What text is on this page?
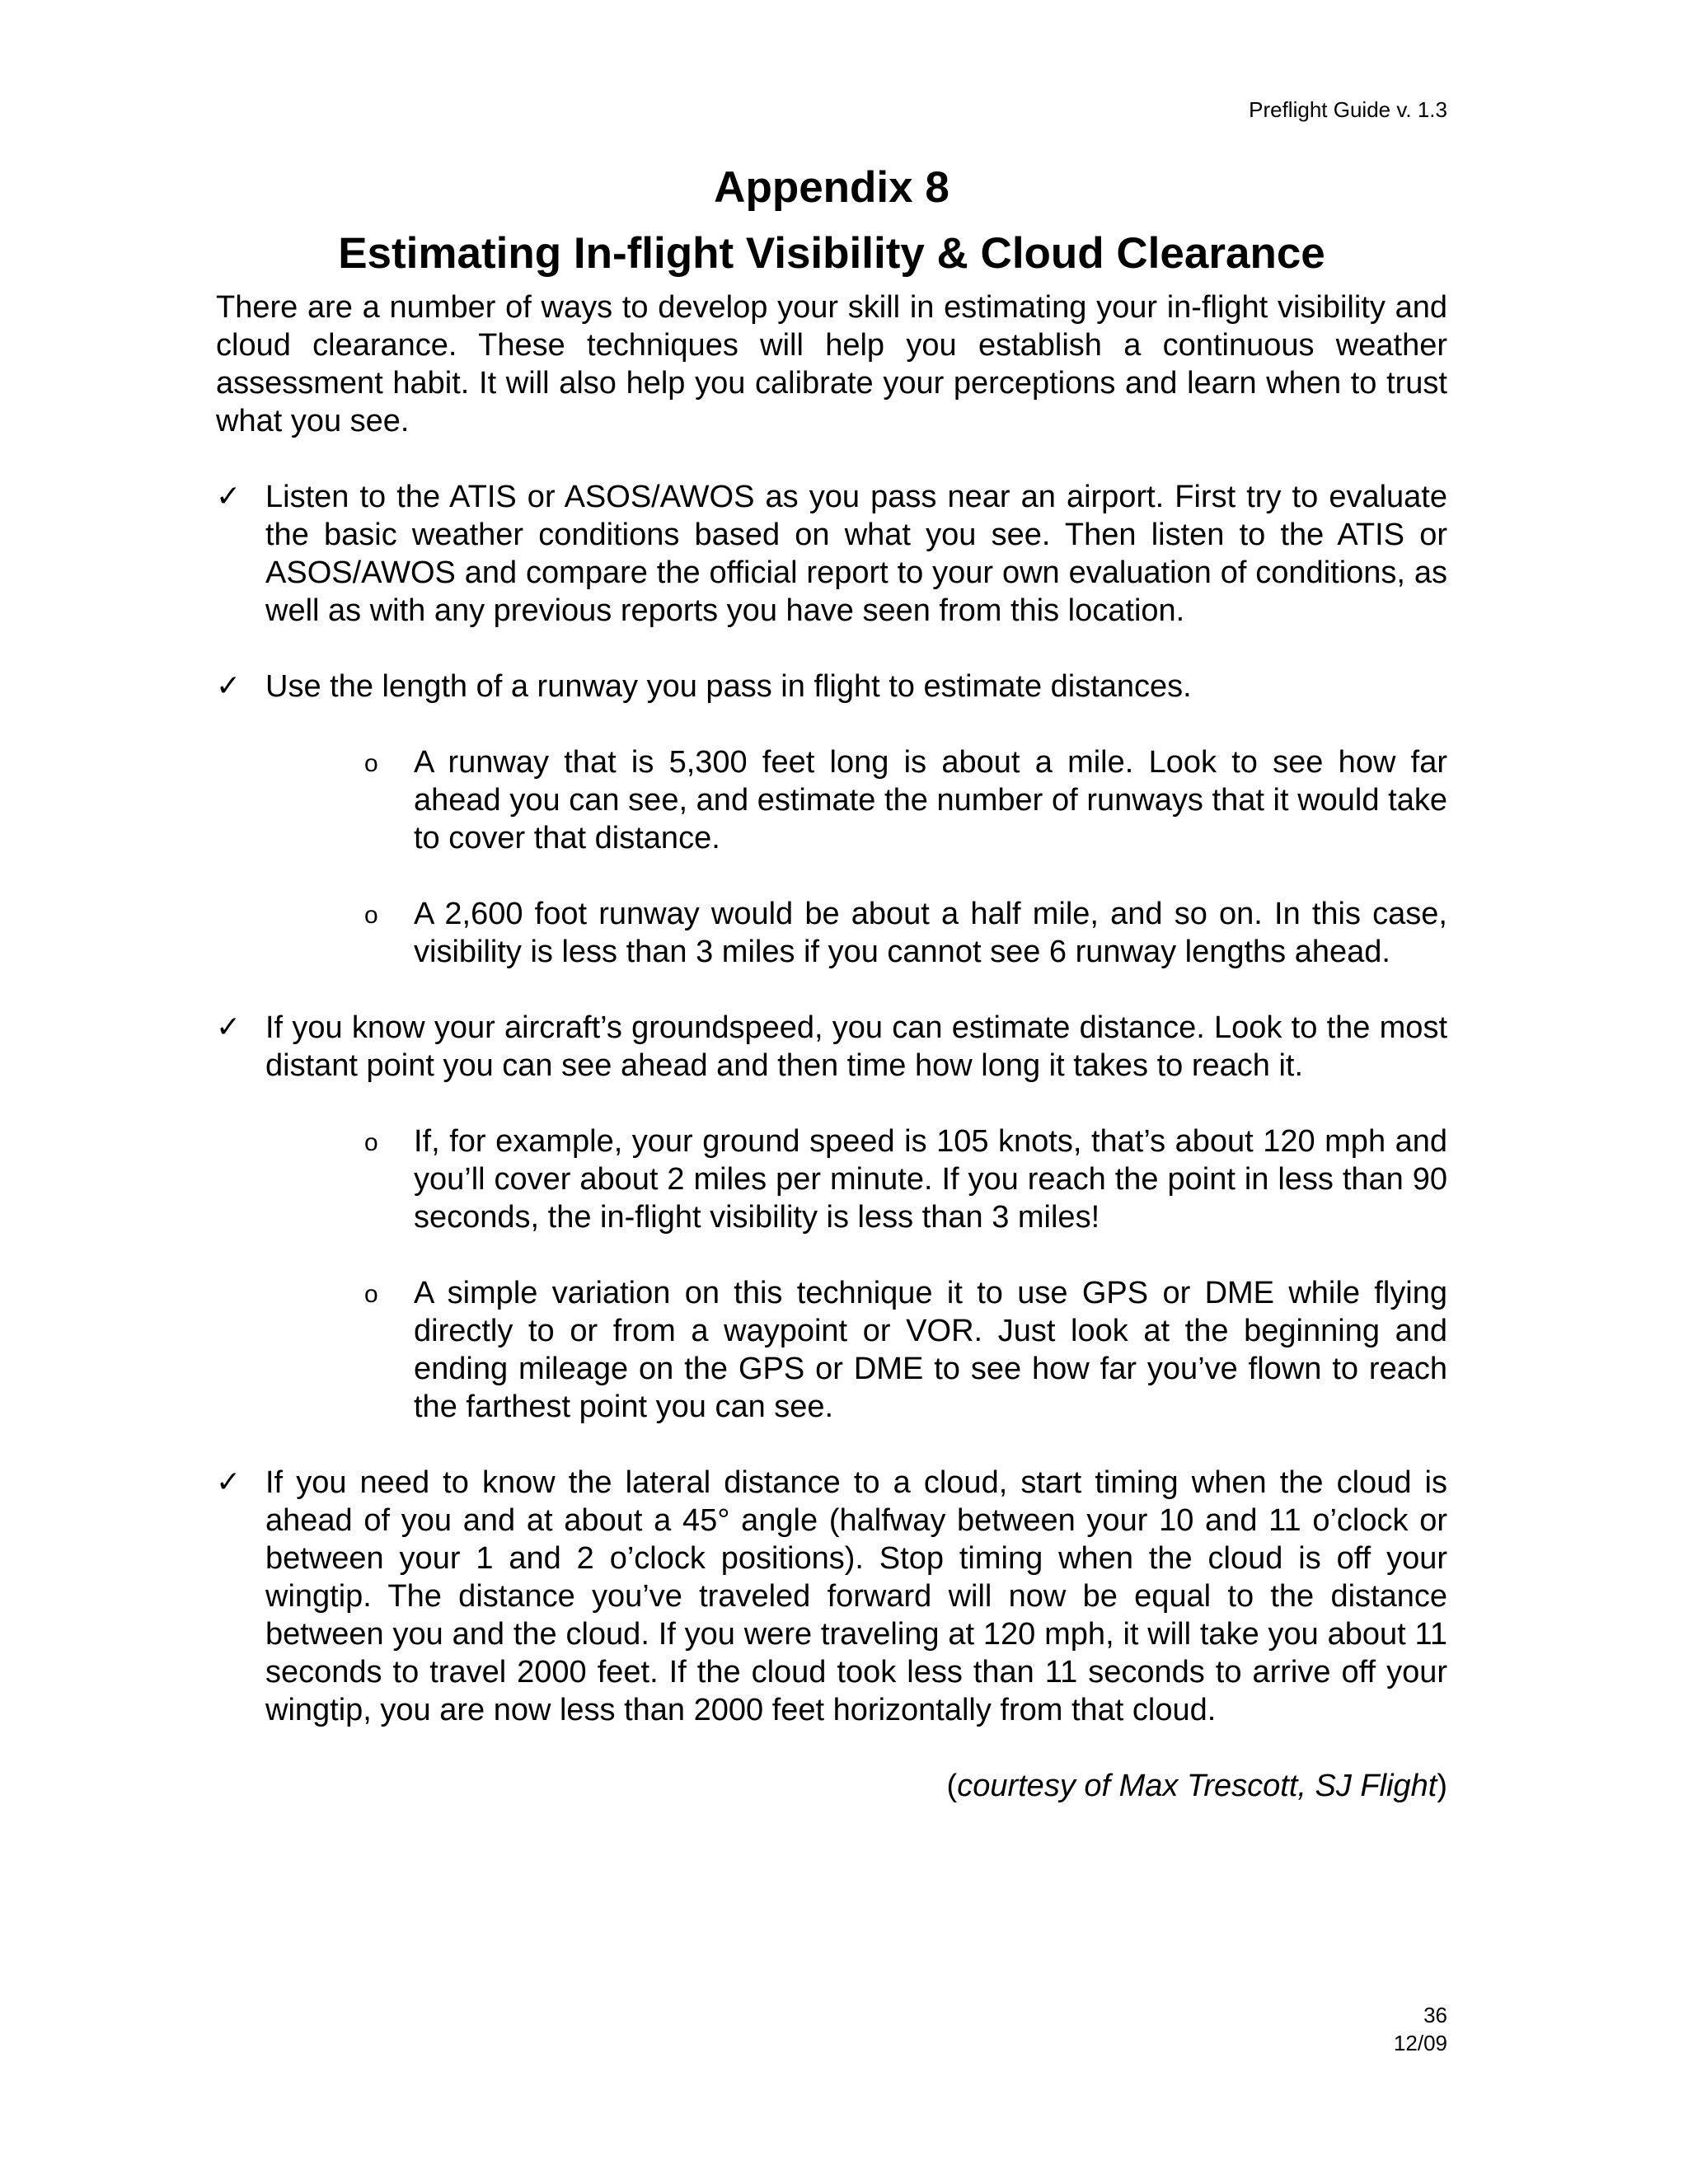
Preflight Guide v. 1.3
Appendix 8
Estimating In-flight Visibility & Cloud Clearance

There are a number of ways to develop your skill in estimating your in-flight visibility and cloud clearance. These techniques will help you establish a continuous weather assessment habit. It will also help you calibrate your perceptions and learn when to trust what you see.

✓ Listen to the ATIS or ASOS/AWOS as you pass near an airport. First try to evaluate the basic weather conditions based on what you see. Then listen to the ATIS or ASOS/AWOS and compare the official report to your own evaluation of conditions, as well as with any previous reports you have seen from this location.

✓ Use the length of a runway you pass in flight to estimate distances.

o A runway that is 5,300 feet long is about a mile. Look to see how far ahead you can see, and estimate the number of runways that it would take to cover that distance.

o A 2,600 foot runway would be about a half mile, and so on. In this case, visibility is less than 3 miles if you cannot see 6 runway lengths ahead.

✓ If you know your aircraft’s groundspeed, you can estimate distance. Look to the most distant point you can see ahead and then time how long it takes to reach it.

o If, for example, your ground speed is 105 knots, that’s about 120 mph and you’ll cover about 2 miles per minute. If you reach the point in less than 90 seconds, the in-flight visibility is less than 3 miles!

o A simple variation on this technique it to use GPS or DME while flying directly to or from a waypoint or VOR. Just look at the beginning and ending mileage on the GPS or DME to see how far you’ve flown to reach the farthest point you can see.

✓ If you need to know the lateral distance to a cloud, start timing when the cloud is ahead of you and at about a 45° angle (halfway between your 10 and 11 o’clock or between your 1 and 2 o’clock positions). Stop timing when the cloud is off your wingtip. The distance you’ve traveled forward will now be equal to the distance between you and the cloud. If you were traveling at 120 mph, it will take you about 11 seconds to travel 2000 feet. If the cloud took less than 11 seconds to arrive off your wingtip, you are now less than 2000 feet horizontally from that cloud.

(courtesy of Max Trescott, SJ Flight)

36
12/09
